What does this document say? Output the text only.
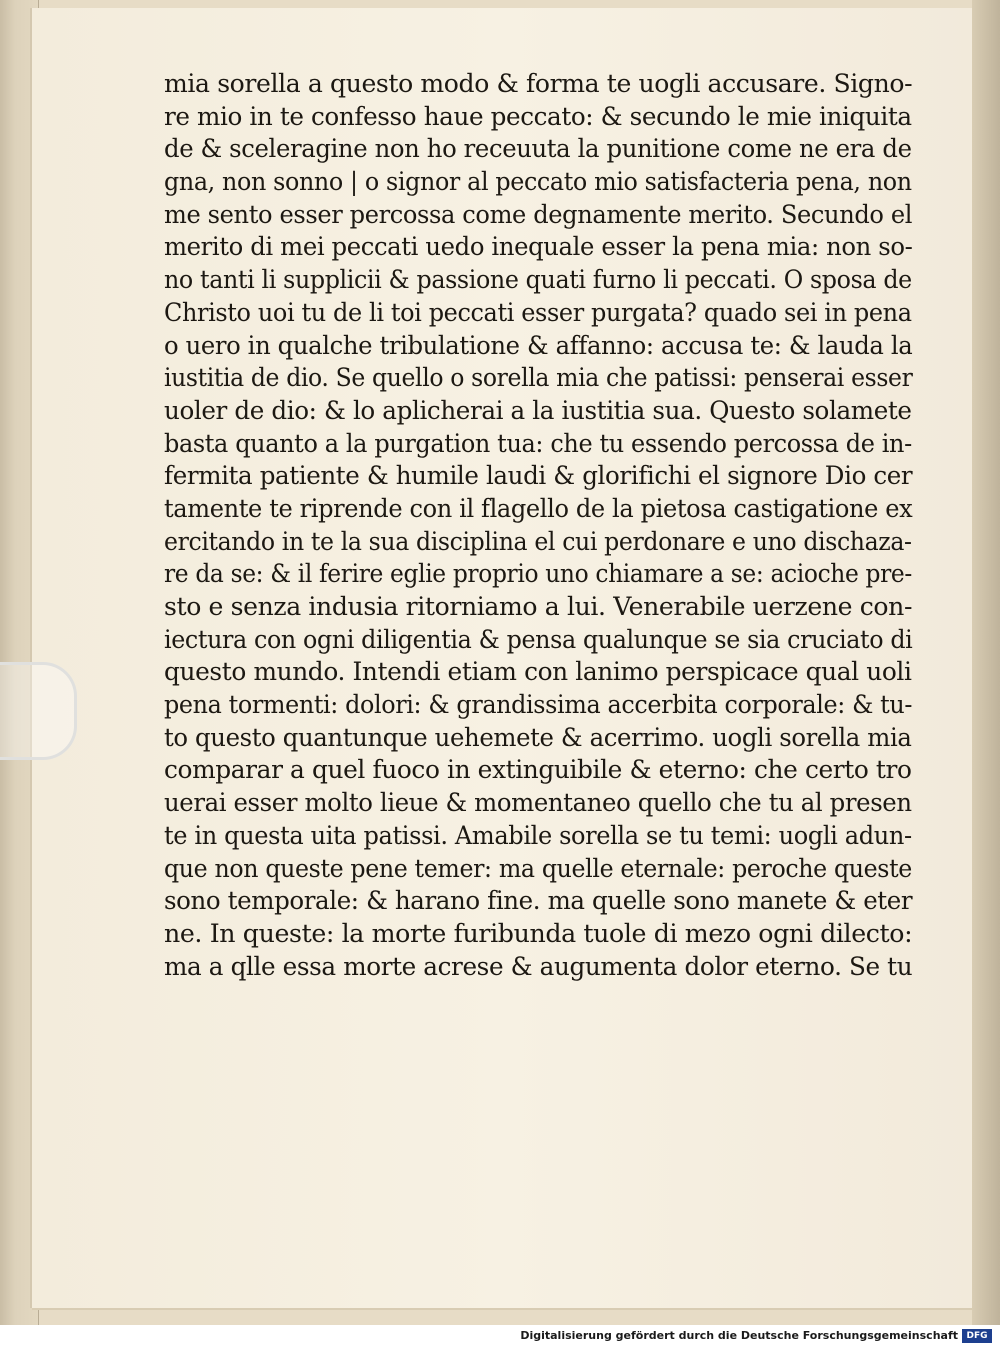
mia sorella a questo modo & forma te uogli accusare. Signo-
re mio in te confesso haue peccato: & secundo le mie iniquita
de & sceleragine non ho receuuta la punitione come ne era de
gna, non sonno | o signor al peccato mio satisfacteria pena, non
me sento esser percossa come degnamente merito. Secundo el
merito di mei peccati uedo inequale esser la pena mia: non so-
no tanti li supplicii & passione quati furno li peccati. O sposa de
Christo uoi tu de li toi peccati esser purgata? quado sei in pena
o uero in qualche tribulatione & affanno: accusa te: & lauda la
iustitia de dio. Se quello o sorella mia che patissi: penserai esser
uoler de dio: & lo aplicherai a la iustitia sua. Questo solamete
basta quanto a la purgation tua: che tu essendo percossa de in-
fermita patiente & humile laudi & glorifichi el signore Dio cer
tamente te riprende con il flagello de la pietosa castigatione ex
ercitando in te la sua disciplina el cui perdonare e uno dischaza-
re da se: & il ferire eglie proprio uno chiamare a se: acioche pre-
sto e senza indusia ritorniamo a lui. Venerabile uerzene con-
iectura con ogni diligentia & pensa qualunque se sia cruciato di
questo mundo. Intendi etiam con lanimo perspicace qual uoli
pena tormenti: dolori: & grandissima accerbita corporale: & tu-
to questo quantunque uehemete & acerrimo. uogli sorella mia
comparar a quel fuoco in extinguibile & eterno: che certo tro
uerai esser molto lieue & momentaneo quello che tu al presen
te in questa uita patissi. Amabile sorella se tu temi: uogli adun-
que non queste pene temer: ma quelle eternale: peroche queste
sono temporale: & harano fine. ma quelle sono manete & eter
ne. In queste: la morte furibunda tuole di mezo ogni dilecto:
ma a qlle essa morte acrese & augumenta dolor eterno. Se tu
Digitalisierung gefördert durch die Deutsche Forschungsgemeinschaft DFG
